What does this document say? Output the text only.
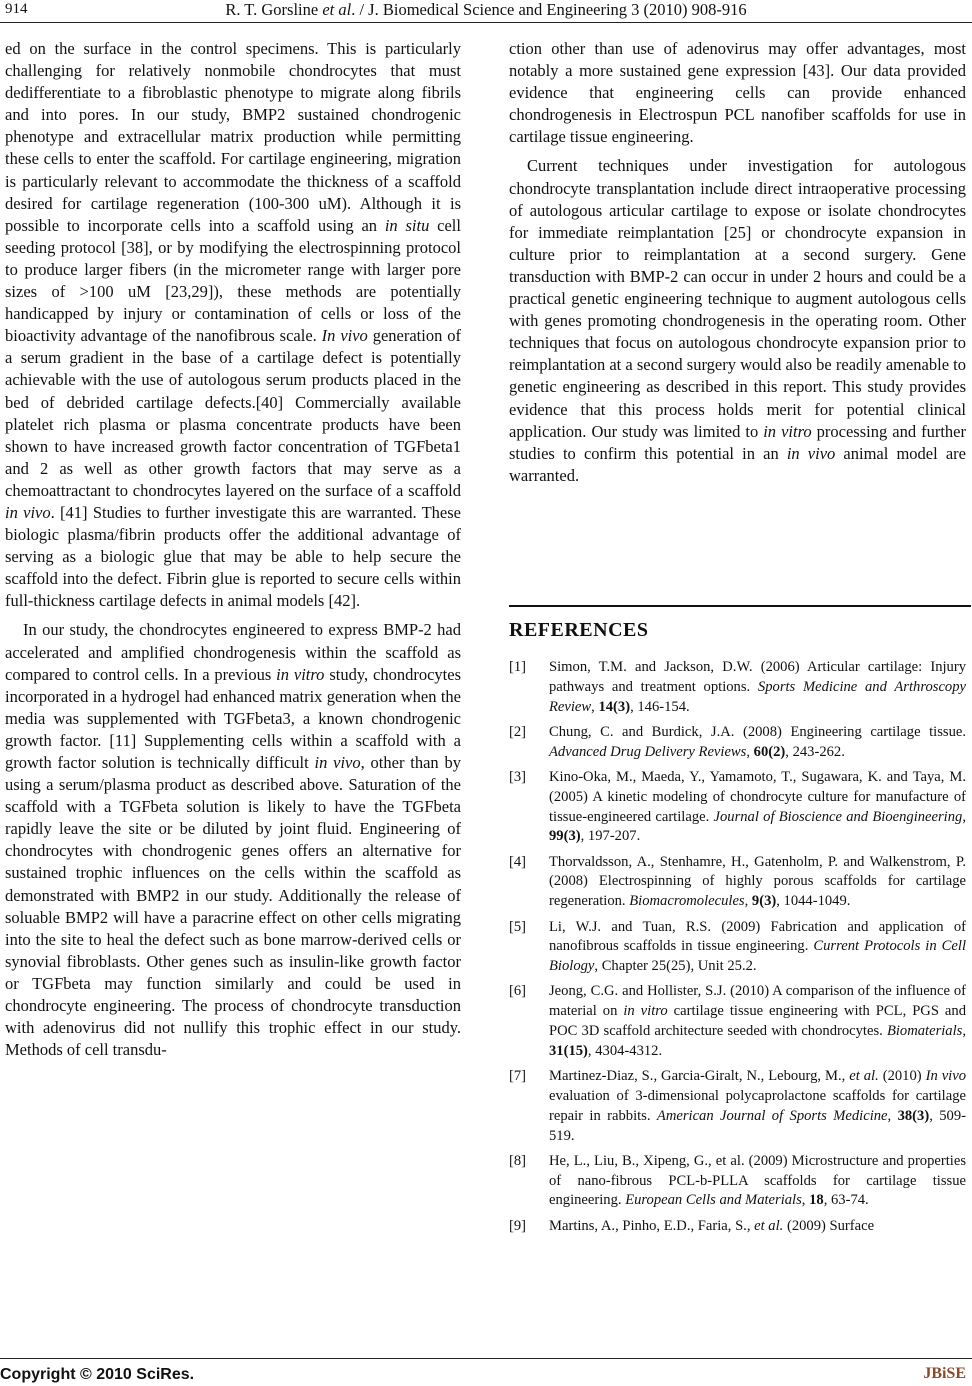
914	R. T. Gorsline et al. / J. Biomedical Science and Engineering 3 (2010) 908-916

ed on the surface in the control specimens. This is particularly challenging for relatively nonmobile chondrocytes that must dedifferentiate to a fibroblastic phenotype to migrate along fibrils and into pores. In our study, BMP2 sustained chondrogenic phenotype and extracellular matrix production while permitting these cells to enter the scaffold. For cartilage engineering, migration is particularly relevant to accommodate the thickness of a scaffold desired for cartilage regeneration (100-300 uM). Although it is possible to incorporate cells into a scaffold using an in situ cell seeding protocol [38], or by modifying the electrospinning protocol to produce larger fibers (in the micrometer range with larger pore sizes of >100 uM [23,29]), these methods are potentially handicapped by injury or contamination of cells or loss of the bioactivity advantage of the nanofibrous scale. In vivo generation of a serum gradient in the base of a cartilage defect is potentially achievable with the use of autologous serum products placed in the bed of debrided cartilage defects.[40] Commercially available platelet rich plasma or plasma concentrate products have been shown to have increased growth factor concentration of TGFbeta1 and 2 as well as other growth factors that may serve as a chemoattractant to chondrocytes layered on the surface of a scaffold in vivo. [41] Studies to further investigate this are warranted. These biologic plasma/fibrin products offer the additional advantage of serving as a biologic glue that may be able to help secure the scaffold into the defect. Fibrin glue is reported to secure cells within full-thickness cartilage defects in animal models [42].

In our study, the chondrocytes engineered to express BMP-2 had accelerated and amplified chondrogenesis within the scaffold as compared to control cells. In a previous in vitro study, chondrocytes incorporated in a hydrogel had enhanced matrix generation when the media was supplemented with TGFbeta3, a known chondrogenic growth factor. [11] Supplementing cells within a scaffold with a growth factor solution is technically difficult in vivo, other than by using a serum/plasma product as described above. Saturation of the scaffold with a TGFbeta solution is likely to have the TGFbeta rapidly leave the site or be diluted by joint fluid. Engineering of chondrocytes with chondrogenic genes offers an alternative for sustained trophic influences on the cells within the scaffold as demonstrated with BMP2 in our study. Additionally the release of soluable BMP2 will have a paracrine effect on other cells migrating into the site to heal the defect such as bone marrow-derived cells or synovial fibroblasts. Other genes such as insulin-like growth factor or TGFbeta may function similarly and could be used in chondrocyte engineering. The process of chondrocyte transduction with adenovirus did not nullify this trophic effect in our study. Methods of cell transdu-

ction other than use of adenovirus may offer advantages, most notably a more sustained gene expression [43]. Our data provided evidence that engineering cells can provide enhanced chondrogenesis in Electrospun PCL nanofiber scaffolds for use in cartilage tissue engineering.

Current techniques under investigation for autologous chondrocyte transplantation include direct intraoperative processing of autologous articular cartilage to expose or isolate chondrocytes for immediate reimplantation [25] or chondrocyte expansion in culture prior to reimplantation at a second surgery. Gene transduction with BMP-2 can occur in under 2 hours and could be a practical genetic engineering technique to augment autologous cells with genes promoting chondrogenesis in the operating room. Other techniques that focus on autologous chondrocyte expansion prior to reimplantation at a second surgery would also be readily amenable to genetic engineering as described in this report. This study provides evidence that this process holds merit for potential clinical application. Our study was limited to in vitro processing and further studies to confirm this potential in an in vivo animal model are warranted.

REFERENCES
[1] Simon, T.M. and Jackson, D.W. (2006) Articular cartilage: Injury pathways and treatment options. Sports Medicine and Arthroscopy Review, 14(3), 146-154.
[2] Chung, C. and Burdick, J.A. (2008) Engineering cartilage tissue. Advanced Drug Delivery Reviews, 60(2), 243-262.
[3] Kino-Oka, M., Maeda, Y., Yamamoto, T., Sugawara, K. and Taya, M. (2005) A kinetic modeling of chondrocyte culture for manufacture of tissue-engineered cartilage. Journal of Bioscience and Bioengineering, 99(3), 197-207.
[4] Thorvaldsson, A., Stenhamre, H., Gatenholm, P. and Walkenstrom, P. (2008) Electrospinning of highly porous scaffolds for cartilage regeneration. Biomacromolecules, 9(3), 1044-1049.
[5] Li, W.J. and Tuan, R.S. (2009) Fabrication and application of nanofibrous scaffolds in tissue engineering. Current Protocols in Cell Biology, Chapter 25(25), Unit 25.2.
[6] Jeong, C.G. and Hollister, S.J. (2010) A comparison of the influence of material on in vitro cartilage tissue engineering with PCL, PGS and POC 3D scaffold architecture seeded with chondrocytes. Biomaterials, 31(15), 4304-4312.
[7] Martinez-Diaz, S., Garcia-Giralt, N., Lebourg, M., et al. (2010) In vivo evaluation of 3-dimensional polycaprolactone scaffolds for cartilage repair in rabbits. American Journal of Sports Medicine, 38(3), 509-519.
[8] He, L., Liu, B., Xipeng, G., et al. (2009) Microstructure and properties of nano-fibrous PCL-b-PLLA scaffolds for cartilage tissue engineering. European Cells and Materials, 18, 63-74.
[9] Martins, A., Pinho, E.D., Faria, S., et al. (2009) Surface
Copyright © 2010 SciRes.	JBiSE
